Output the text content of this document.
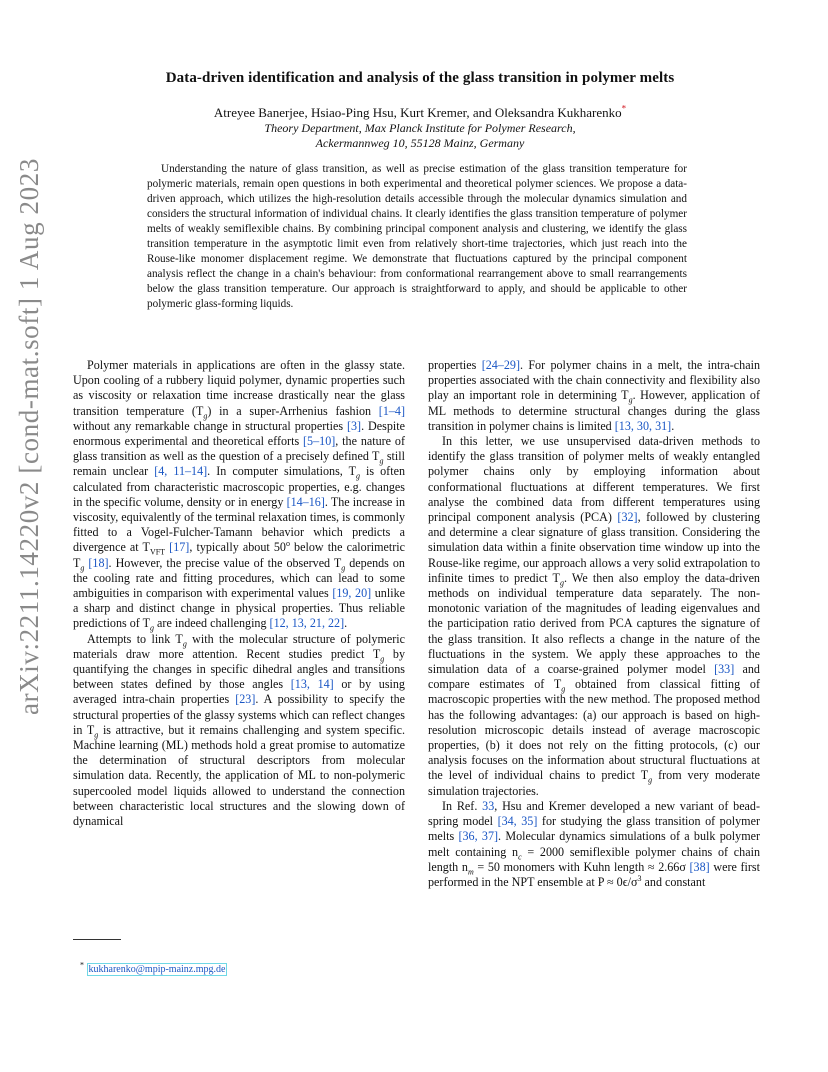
arXiv:2211.14220v2 [cond-mat.soft] 1 Aug 2023
Data-driven identification and analysis of the glass transition in polymer melts
Atreyee Banerjee, Hsiao-Ping Hsu, Kurt Kremer, and Oleksandra Kukharenko*
Theory Department, Max Planck Institute for Polymer Research,
Ackermannweg 10, 55128 Mainz, Germany

Understanding the nature of glass transition, as well as precise estimation of the glass transition temperature for polymeric materials, remain open questions in both experimental and theoretical polymer sciences. We propose a data-driven approach, which utilizes the high-resolution details accessible through the molecular dynamics simulation and considers the structural information of individual chains. It clearly identifies the glass transition temperature of polymer melts of weakly semiflexible chains. By combining principal component analysis and clustering, we identify the glass transition temperature in the asymptotic limit even from relatively short-time trajectories, which just reach into the Rouse-like monomer displacement regime. We demonstrate that fluctuations captured by the principal component analysis reflect the change in a chain's behaviour: from conformational rearrangement above to small rearrangements below the glass transition temperature. Our approach is straightforward to apply, and should be applicable to other polymeric glass-forming liquids.

Polymer materials in applications are often in the glassy state. Upon cooling of a rubbery liquid polymer, dynamic properties such as viscosity or relaxation time increase drastically near the glass transition temperature $(T_g)$ in a super-Arrhenius fashion [1–4] without any remarkable change in structural properties [3]. Despite enormous experimental and theoretical efforts [5–10], the nature of glass transition as well as the question of a precisely defined $T_g$ still remain unclear [4, 11–14]. In computer simulations, $T_g$ is often calculated from characteristic macroscopic properties, e.g. changes in the specific volume, density or in energy [14–16]. The increase in viscosity, equivalently of the terminal relaxation times, is commonly fitted to a Vogel-Fulcher-Tamann behavior which predicts a divergence at $T_{VFT}$ [17], typically about 50$^o$ below the calorimetric $T_g$ [18]. However, the precise value of the observed $T_g$ depends on the cooling rate and fitting procedures, which can lead to some ambiguities in comparison with experimental values [19, 20] unlike a sharp and distinct change in physical properties. Thus reliable predictions of $T_g$ are indeed challenging [12, 13, 21, 22].

Attempts to link $T_g$ with the molecular structure of polymeric materials draw more attention. Recent studies predict $T_g$ by quantifying the changes in specific dihedral angles and transitions between states defined by those angles [13, 14] or by using averaged intra-chain properties [23]. A possibility to specify the structural properties of the glassy systems which can reflect changes in $T_g$ is attractive, but it remains challenging and system specific. Machine learning (ML) methods hold a great promise to automatize the determination of structural descriptors from molecular simulation data. Recently, the application of ML to non-polymeric supercooled model liquids allowed to understand the connection between characteristic local structures and the slowing down of dynamical

properties [24–29]. For polymer chains in a melt, the intra-chain properties associated with the chain connectivity and flexibility also play an important role in determining $T_g$. However, application of ML methods to determine structural changes during the glass transition in polymer chains is limited [13, 30, 31].

In this letter, we use unsupervised data-driven methods to identify the glass transition of polymer melts of weakly entangled polymer chains only by employing information about conformational fluctuations at different temperatures. We first analyse the combined data from different temperatures using principal component analysis (PCA) [32], followed by clustering and determine a clear signature of glass transition. Considering the simulation data within a finite observation time window up into the Rouse-like regime, our approach allows a very solid extrapolation to infinite times to predict $T_g$. We then also employ the data-driven methods on individual temperature data separately. The non-monotonic variation of the magnitudes of leading eigenvalues and the participation ratio derived from PCA captures the signature of the glass transition. It also reflects a change in the nature of the fluctuations in the system. We apply these approaches to the simulation data of a coarse-grained polymer model [33] and compare estimates of $T_g$ obtained from classical fitting of macroscopic properties with the new method. The proposed method has the following advantages: (a) our approach is based on high-resolution microscopic details instead of average macroscopic properties, (b) it does not rely on the fitting protocols, (c) our analysis focuses on the information about structural fluctuations at the level of individual chains to predict $T_g$ from very moderate simulation trajectories.

In Ref. 33, Hsu and Kremer developed a new variant of bead-spring model [34, 35] for studying the glass transition of polymer melts [36, 37]. Molecular dynamics simulations of a bulk polymer melt containing $n_c = 2000$ semiflexible polymer chains of chain length $n_m = 50$ monomers with Kuhn length ≈ 2.66σ [38] were first performed in the NPT ensemble at $P \approx 0\epsilon/\sigma^3$ and constant

* kukharenko@mpip-mainz.mpg.de
